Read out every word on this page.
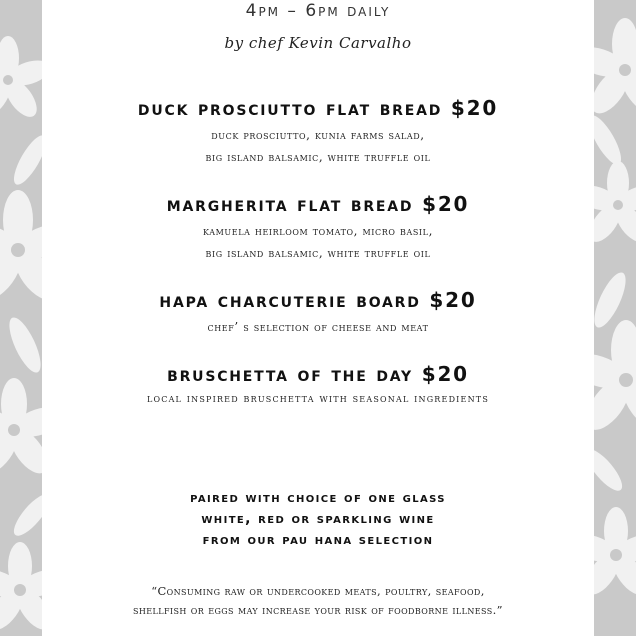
4pm – 6pm daily
by chef Kevin Carvalho
duck prosciutto flat bread $20
duck prosciutto, kunia farms salad,
big island balsamic, white truffle oil
margherita flat bread $20
kamuela heirloom tomato, micro basil,
big island balsamic, white truffle oil
hapa charcuterie board $20
chef’ s selection of cheese and meat
bruschetta of the day $20
local inspired bruschetta with seasonal ingredients
paired with choice of one glass
white, red or sparkling wine
from our pau hana selection
“Consuming raw or undercooked meats, poultry, seafood,
shellfish or eggs may increase your risk of foodborne illness.”
